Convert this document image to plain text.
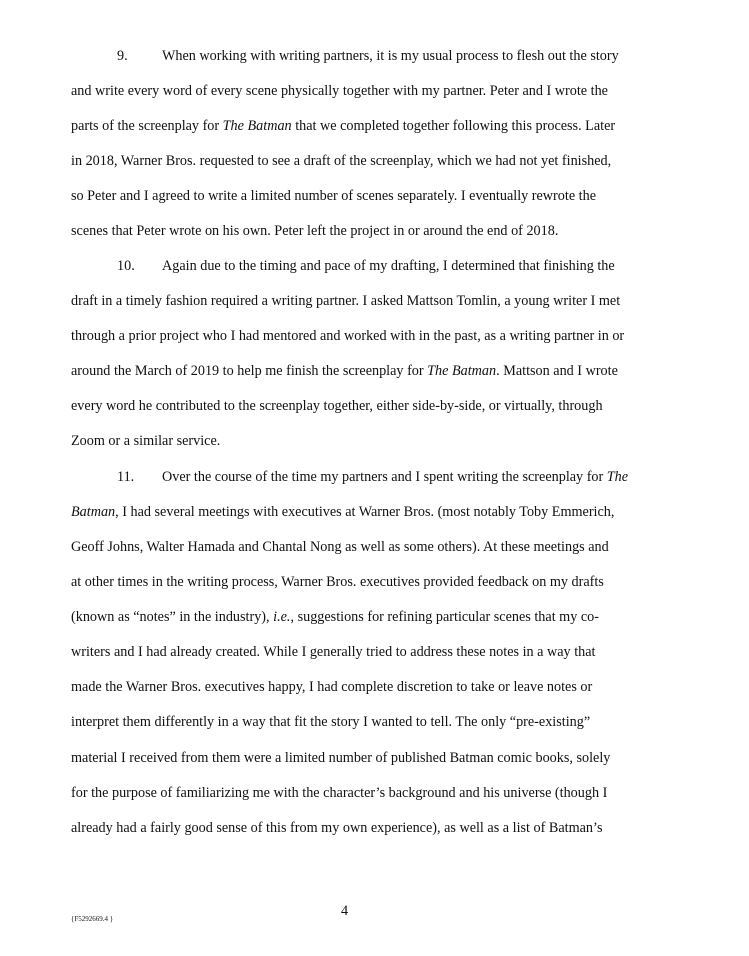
9. When working with writing partners, it is my usual process to flesh out the story
and write every word of every scene physically together with my partner. Peter and I wrote the
parts of the screenplay for The Batman that we completed together following this process. Later
in 2018, Warner Bros. requested to see a draft of the screenplay, which we had not yet finished,
so Peter and I agreed to write a limited number of scenes separately. I eventually rewrote the
scenes that Peter wrote on his own. Peter left the project in or around the end of 2018.
10. Again due to the timing and pace of my drafting, I determined that finishing the
draft in a timely fashion required a writing partner. I asked Mattson Tomlin, a young writer I met
through a prior project who I had mentored and worked with in the past, as a writing partner in or
around the March of 2019 to help me finish the screenplay for The Batman. Mattson and I wrote
every word he contributed to the screenplay together, either side-by-side, or virtually, through
Zoom or a similar service.
11. Over the course of the time my partners and I spent writing the screenplay for The
Batman, I had several meetings with executives at Warner Bros. (most notably Toby Emmerich,
Geoff Johns, Walter Hamada and Chantal Nong as well as some others). At these meetings and
at other times in the writing process, Warner Bros. executives provided feedback on my drafts
(known as “notes” in the industry), i.e., suggestions for refining particular scenes that my co-
writers and I had already created. While I generally tried to address these notes in a way that
made the Warner Bros. executives happy, I had complete discretion to take or leave notes or
interpret them differently in a way that fit the story I wanted to tell. The only “pre-existing”
material I received from them were a limited number of published Batman comic books, solely
for the purpose of familiarizing me with the character’s background and his universe (though I
already had a fairly good sense of this from my own experience), as well as a list of Batman’s
{F5292669.4 }	4
